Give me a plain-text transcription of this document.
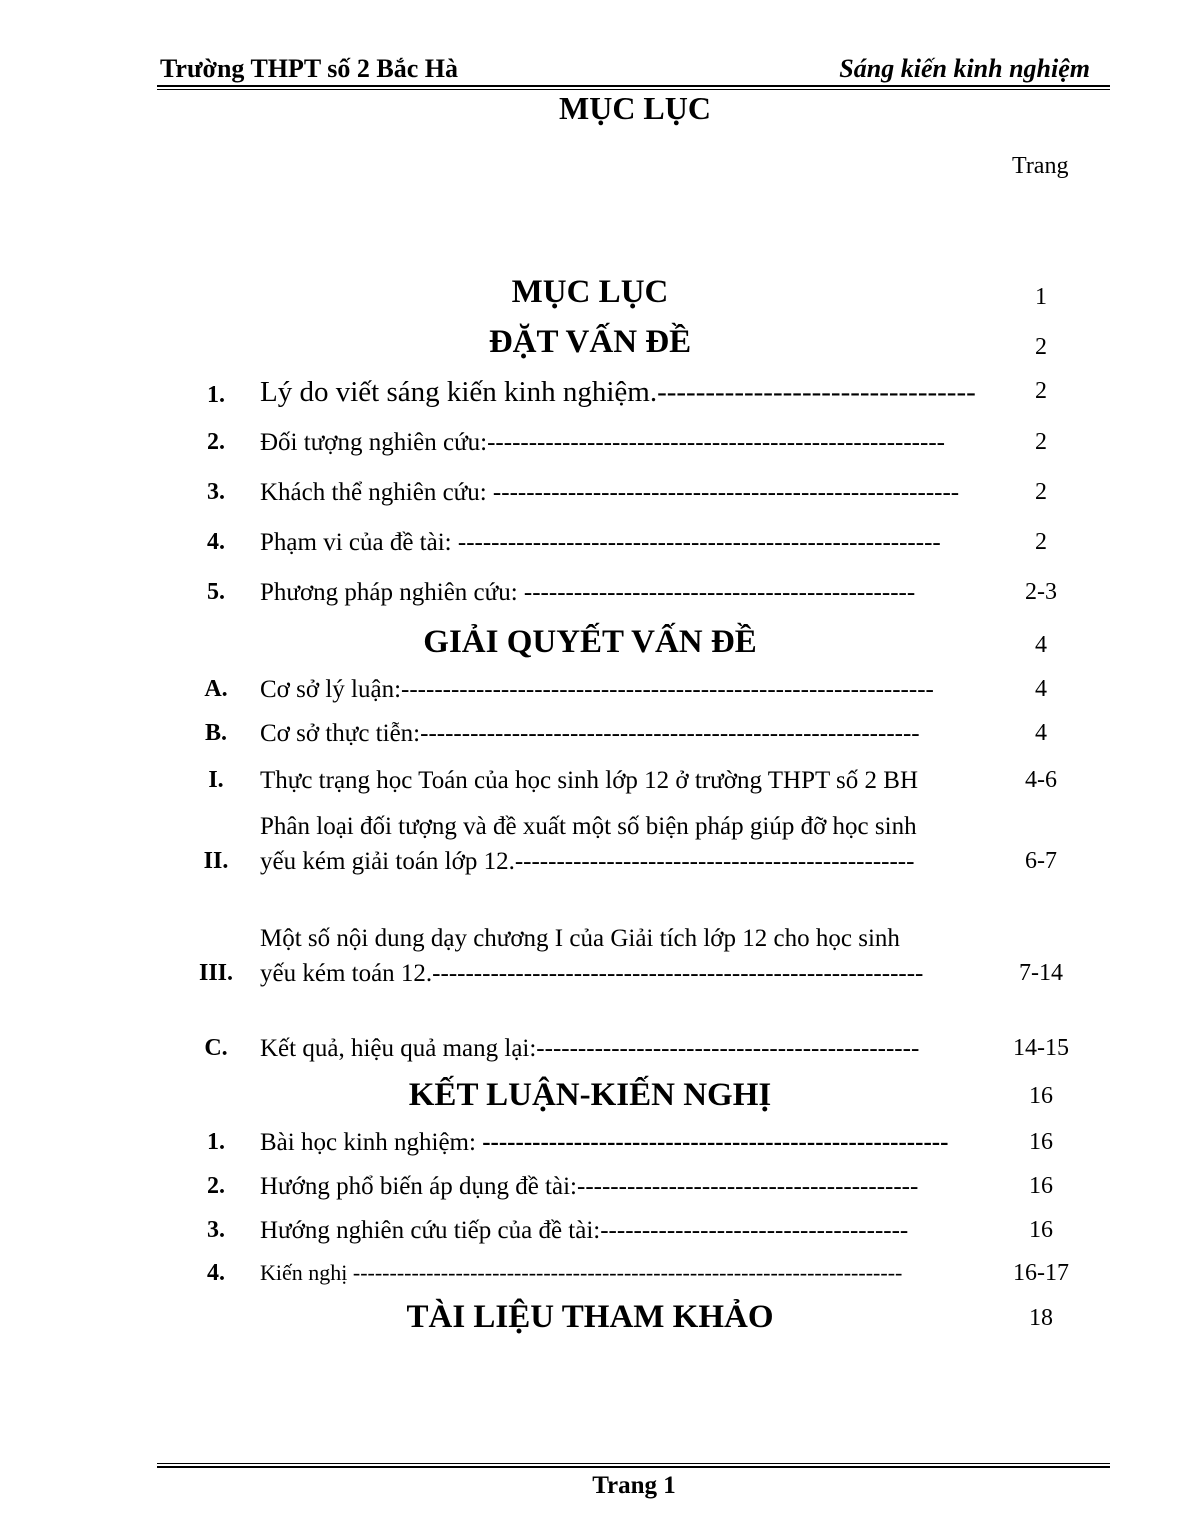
Trường THPT số 2 Bắc Hà	Sáng kiến kinh nghiệm
MỤC LỤC
Trang
MỤC LỤC	1
ĐẶT VẤN ĐỀ	2
1.	Lý do viết sáng kiến kinh nghiệm.---------------------------------	2
2.	Đối tượng nghiên cứu:-------------------------------------------------------	2
3.	Khách thể nghiên cứu: --------------------------------------------------------	2
4.	Phạm vi của đề tài: ----------------------------------------------------------	2
5.	Phương pháp nghiên cứu: -----------------------------------------------	2-3
GIẢI QUYẾT VẤN ĐỀ	4
A.	Cơ sở lý luận:----------------------------------------------------------------	4
B.	Cơ sở thực tiễn:------------------------------------------------------------	4
I.	Thực trạng học Toán của học sinh lớp 12 ở trường THPT số 2 BH	4-6
II.
Phân loại đối tượng và đề xuất một số biện pháp giúp đỡ học sinh
yếu kém giải toán lớp 12.------------------------------------------------	6-7
III.
Một số nội dung dạy chương I của Giải tích lớp 12 cho học sinh
yếu kém toán 12.-----------------------------------------------------------	7-14
C.	Kết quả, hiệu quả mang lại:----------------------------------------------	14-15
KẾT LUẬN-KIẾN NGHỊ	16
1.	Bài học kinh nghiệm: --------------------------------------------------------	16
2.	Hướng phổ biến áp dụng đề tài:-----------------------------------------	16
3.	Hướng nghiên cứu tiếp của đề tài:-------------------------------------	16
4.	Kiến nghị ---------------------------------------------------------------------------	16-17
TÀI LIỆU THAM KHẢO	18
Trang 1
